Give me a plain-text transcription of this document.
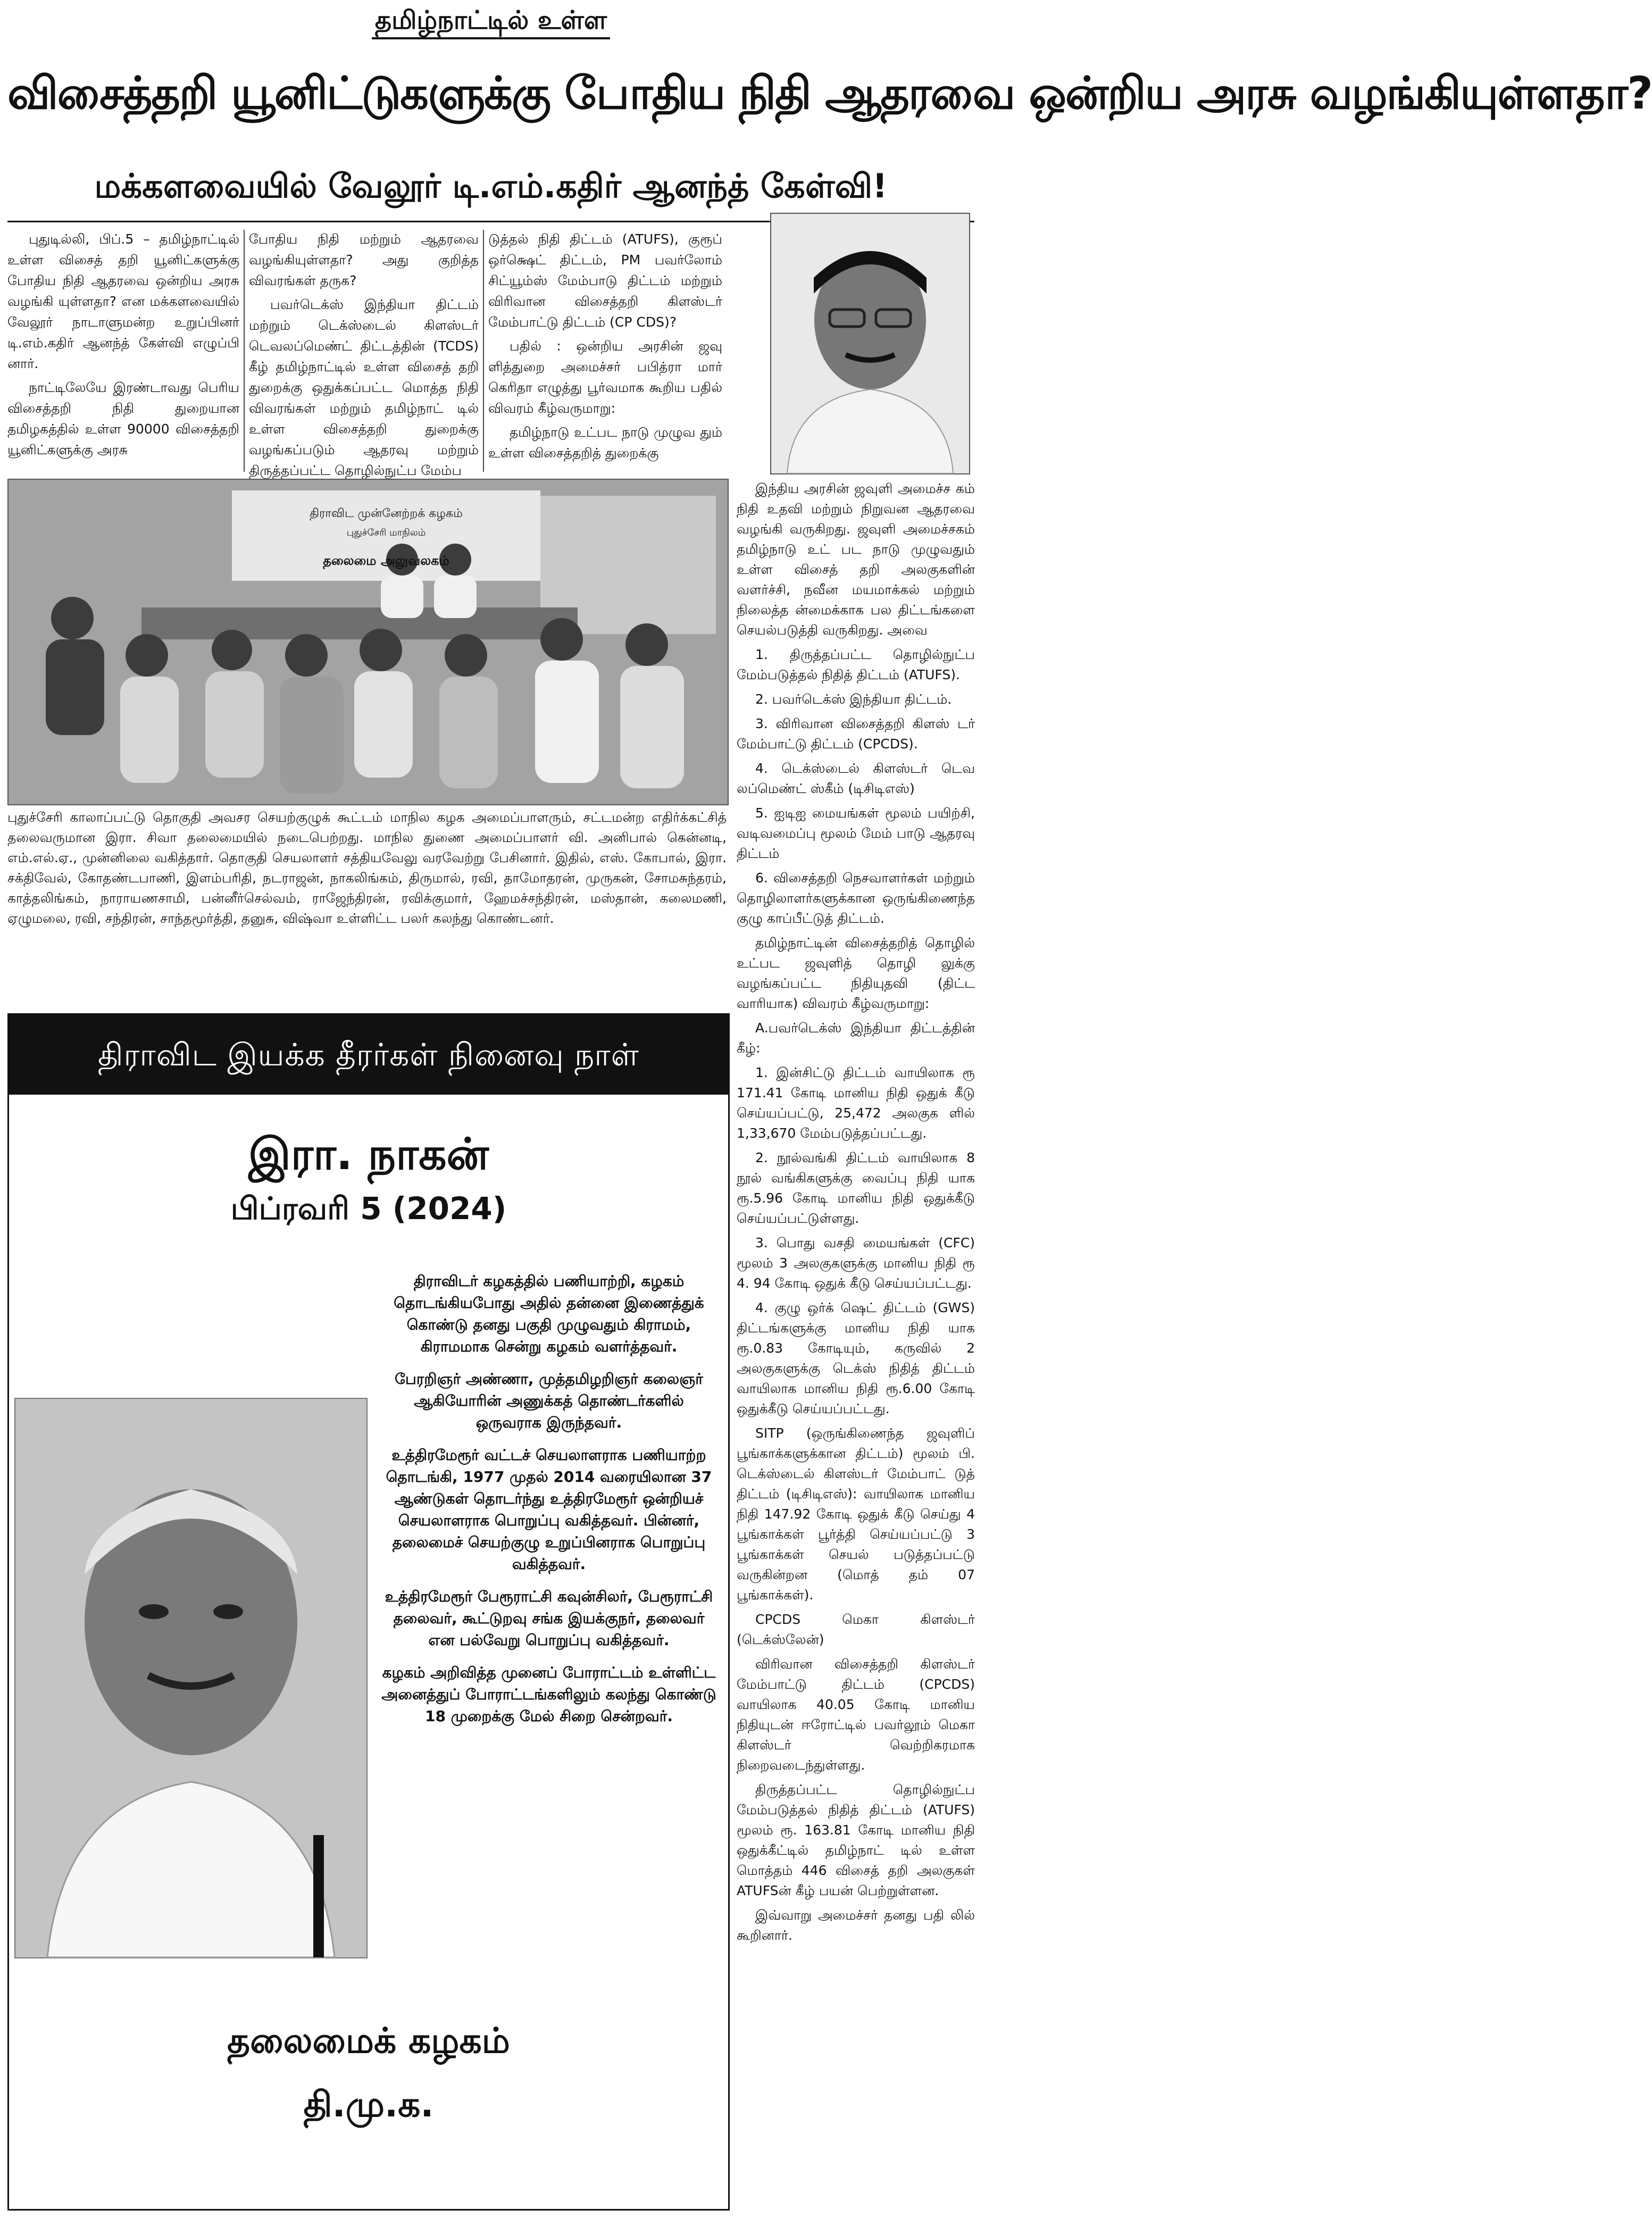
தமிழ்நாட்டில் உள்ள
விசைத்தறி யூனிட்டுகளுக்கு போதிய நிதி ஆதரவை ஒன்றிய அரசு வழங்கியுள்ளதா?
மக்களவையில் வேலூர் டி.எம்.கதிர் ஆனந்த் கேள்வி!

புதுடில்லி, பிப்.5 – தமிழ்நாட்டில் உள்ள விசைத் தறி யூனிட்களுக்கு போதிய நிதி ஆதரவை ஒன்றிய அரசு வழங்கி யுள்ளதா? என மக்களவையில் வேலூர் நாடாளுமன்ற உறுப்பினர் டி.எம்.கதிர் ஆனந்த் கேள்வி எழுப்பி னார்.

நாட்டிலேயே இரண்டாவது பெரிய விசைத்தறி நிதி துறையான தமிழகத்தில் உள்ள 90000 விசைத்தறி யூனிட்களுக்கு அரசு

போதிய நிதி மற்றும் ஆதரவை வழங்கியுள்ளதா? அது குறித்த விவரங்கள் தருக?

பவர்டெக்ஸ் இந்தியா திட்டம் மற்றும் டெக்ஸ்டைல் கிளஸ்டர் டெவலப்மெண்ட் திட்டத்தின் (TCDS) கீழ் தமிழ்நாட்டில் உள்ள விசைத் தறி துறைக்கு ஒதுக்கப்பட்ட மொத்த நிதி விவரங்கள் மற்றும் தமிழ்நாட் டில் உள்ள விசைத்தறி துறைக்கு வழங்கப்படும் ஆதரவு மற்றும் திருத்தப்பட்ட தொழில்நுட்ப மேம்ப

டுத்தல் நிதி திட்டம் (ATUFS), குரூப் ஒர்க்ஷெட் திட்டம், PM பவர்லோம் சிட்யூம்ஸ் மேம்பாடு திட்டம் மற்றும் விரிவான விசைத்தறி கிளஸ்டர் மேம்பாட்டு திட்டம் (CP CDS)?

பதில் : ஒன்றிய அரசின் ஜவு ளித்துறை அமைச்சர் பபித்ரா மார் கெரிதா எழுத்து பூர்வமாக கூறிய பதில் விவரம் கீழ்வருமாறு:

தமிழ்நாடு உட்பட நாடு முழுவ தும் உள்ள விசைத்தறித் துறைக்கு

திராவிட முன்னேற்றக் கழகம்
புதுச்சேரி மாநிலம்
தலைமை அலுவலகம்
புதுச்சேரி காலாப்பட்டு தொகுதி அவசர செயற்குழுக் கூட்டம் மாநில கழக அமைப்பாளரும், சட்டமன்ற எதிர்க்கட்சித் தலைவருமான இரா. சிவா தலைமையில் நடைபெற்றது. மாநில துணை அமைப்பாளர் வி. அனிபால் கென்னடி, எம்.எல்.ஏ., முன்னிலை வகித்தார். தொகுதி செயலாளர் சத்தியவேலு வரவேற்று பேசினார். இதில், எஸ். கோபால், இரா. சக்திவேல், கோதண்டபாணி, இளம்பரிதி, நடராஜன், நாகலிங்கம், திருமால், ரவி, தாமோதரன், முருகன், சோமசுந்தரம், காத்தலிங்கம், நாராயணசாமி, பன்னீர்செல்வம், ராஜேந்திரன், ரவிக்குமார், ஹேமச்சந்திரன், மஸ்தான், கலைமணி, ஏழுமலை, ரவி, சந்திரன், சாந்தமூர்த்தி, தனுசு, விஷ்வா உள்ளிட்ட பலர் கலந்து கொண்டனர்.
திராவிட இயக்க தீரர்கள் நினைவு நாள்
இரா. நாகன்
பிப்ரவரி 5 (2024)

திராவிடர் கழகத்தில் பணியாற்றி, கழகம் தொடங்கியபோது அதில் தன்னை இணைத்துக் கொண்டு தனது பகுதி முழுவதும் கிராமம், கிராமமாக சென்று கழகம் வளர்த்தவர்.

பேரறிஞர் அண்ணா, முத்தமிழறிஞர் கலைஞர் ஆகியோரின் அணுக்கத் தொண்டர்களில் ஒருவராக இருந்தவர்.

உத்திரமேரூர் வட்டச் செயலாளராக பணியாற்ற தொடங்கி, 1977 முதல் 2014 வரையிலான 37 ஆண்டுகள் தொடர்ந்து உத்திரமேரூர் ஒன்றியச் செயலாளராக பொறுப்பு வகித்தவர். பின்னர், தலைமைச் செயற்குழு உறுப்பினராக பொறுப்பு வகித்தவர்.

உத்திரமேரூர் பேரூராட்சி கவுன்சிலர், பேரூராட்சி தலைவர், கூட்டுறவு சங்க இயக்குநர், தலைவர் என பல்வேறு பொறுப்பு வகித்தவர்.

கழகம் அறிவித்த முனைப் போராட்டம் உள்ளிட்ட அனைத்துப் போராட்டங்களிலும் கலந்து கொண்டு 18 முறைக்கு மேல் சிறை சென்றவர்.

தலைமைக் கழகம்
தி.மு.க.

இந்திய அரசின் ஜவுளி அமைச்ச கம் நிதி உதவி மற்றும் நிறுவன ஆதரவை வழங்கி வருகிறது. ஜவுளி அமைச்சகம் தமிழ்நாடு உட் பட நாடு முழுவதும் உள்ள விசைத் தறி அலகுகளின் வளர்ச்சி, நவீன மயமாக்கல் மற்றும் நிலைத்த ன்மைக்காக பல திட்டங்களை செயல்படுத்தி வருகிறது. அவை

1. திருத்தப்பட்ட தொழில்நுட்ப மேம்படுத்தல் நிதித் திட்டம் (ATUFS).

2. பவர்டெக்ஸ் இந்தியா திட்டம்.

3. விரிவான விசைத்தறி கிளஸ் டர் மேம்பாட்டு திட்டம் (CPCDS).

4. டெக்ஸ்டைல் கிளஸ்டர் டெவ லப்மெண்ட் ஸ்கீம் (டிசிடிஎஸ்)

5. ஐடிஐ மையங்கள் மூலம் பயிற்சி, வடிவமைப்பு மூலம் மேம் பாடு ஆதரவு திட்டம்

6. விசைத்தறி நெசவாளர்கள் மற்றும் தொழிலாளர்களுக்கான ஒருங்கிணைந்த குழு காப்பீட்டுத் திட்டம்.

தமிழ்நாட்டின் விசைத்தறித் தொழில் உட்பட ஜவுளித் தொழி லுக்கு வழங்கப்பட்ட நிதியுதவி (திட்ட வாரியாக) விவரம் கீழ்வருமாறு:

A.பவர்டெக்ஸ் இந்தியா திட்டத்தின் கீழ்:

1. இன்சிட்டு திட்டம் வாயிலாக ரூ 171.41 கோடி மானிய நிதி ஒதுக் கீடு செய்யப்பட்டு, 25,472 அலகுக ளில் 1,33,670 மேம்படுத்தப்பட்டது.

2. நூல்வங்கி திட்டம் வாயிலாக 8 நூல் வங்கிகளுக்கு வைப்பு நிதி யாக ரூ.5.96 கோடி மானிய நிதி ஒதுக்கீடு செய்யப்பட்டுள்ளது.

3. பொது வசதி மையங்கள் (CFC) மூலம் 3 அலகுகளுக்கு மானிய நிதி ரூ 4. 94 கோடி ஒதுக் கீடு செய்யப்பட்டது.

4. குழு ஒர்க் ஷெட் திட்டம் (GWS) திட்டங்களுக்கு மானிய நிதி யாக ரூ.0.83 கோடியும், கருவில் 2 அலகுகளுக்கு டெக்ஸ் நிதித் திட்டம் வாயிலாக மானிய நிதி ரூ.6.00 கோடி ஒதுக்கீடு செய்யப்பட்டது.

SITP (ஒருங்கிணைந்த ஜவுளிப் பூங்காக்களுக்கான திட்டம்) மூலம் பி. டெக்ஸ்டைல் கிளஸ்டர் மேம்பாட் டுத் திட்டம் (டிசிடிஎஸ்): வாயிலாக மானிய நிதி 147.92 கோடி ஒதுக் கீடு செய்து 4 பூங்காக்கள் பூர்த்தி செய்யப்பட்டு 3 பூங்காக்கள் செயல் படுத்தப்பட்டு வருகின்றன (மொத் தம் 07 பூங்காக்கள்).

CPCDS மெகா கிளஸ்டர் (டெக்ஸ்லேன்)

விரிவான விசைத்தறி கிளஸ்டர் மேம்பாட்டு திட்டம் (CPCDS) வாயிலாக 40.05 கோடி மானிய நிதியுடன் ஈரோட்டில் பவர்லூம் மெகா கிளஸ்டர் வெற்றிகரமாக நிறைவடைந்துள்ளது.

திருத்தப்பட்ட தொழில்நுட்ப மேம்படுத்தல் நிதித் திட்டம் (ATUFS) மூலம் ரூ. 163.81 கோடி மானிய நிதி ஒதுக்கீட்டில் தமிழ்நாட் டில் உள்ள மொத்தம் 446 விசைத் தறி அலகுகள் ATUFSன் கீழ் பயன் பெற்றுள்ளன.

இவ்வாறு அமைச்சர் தனது பதி லில் கூறினார்.
